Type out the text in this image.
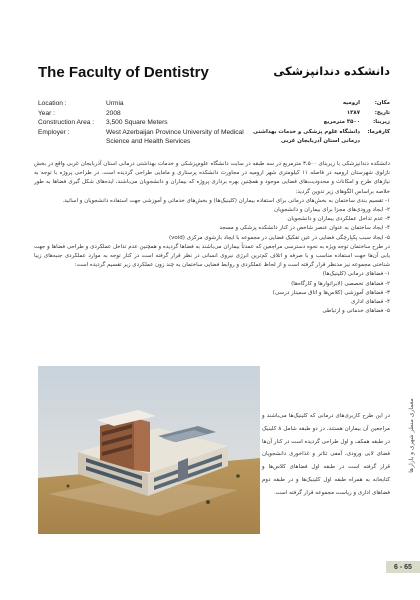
The Faculty of Dentistry	دانشکده دندانپزشکی
Location :	Urmia
Year :	2008
Construction Area :	3,500 Square Meters
Employer :	West Azerbaijan Province University of Medical Science and Health Services
مکان:
ارومیه
تاریخ:
۱۳۸۷
زیربنا:
۳۵۰۰ مترمربع
کارفرما:
دانشگاه علوم پزشکی و خدمات بهداشتی درمانی استان آذربایجان غربی

دانشکده دندانپزشکی با زیربنای ۳،۵۰۰ مترمربع در سه طبقه در سایت دانشگاه علوم‌پزشکی و خدمات بهداشتی درمانی استان آذربایجان غربی واقع در بخش نازلوی شهرستان ارومیه در فاصله ۱۱ کیلومتری شهر ارومیه در مجاورت دانشکده پرستاری و مامایی طراحی گردیده است. در طراحی پروژه با توجه به نیازهای طرح و امکانات و محدودیت‌های فضایی موجود و همچنین بهره برداری پروژه که بیماران و دانشجویان می‌باشند، ایده‌های شکل گیری فضاها به طور خلاصه براساس الگوهای زیر تدوین گردید:

۱- تقسیم بندی ساختمان به بخش‌های درمانی برای استفاده بیماران (کلینیک‌ها) و بخش‌های خدماتی و آموزشی جهت استفاده دانشجویان و اساتید.
۲- ایجاد ورودی‌های مجزا برای بیماران و دانشجویان
۳- عدم تداخل عملکردی بیماران و دانشجویان
۴- ایجاد ساختمان به عنوان عنصر شاخص در کنار دانشکده پزشکی و مسجد
۵- ایجاد سبب پکپارچگی فضایی در عین تفکیک فضایی در مجموعه با ایجاد بازشوی مرکزی (void)

در طرح ساختمان توجه ویژه به نحوه دسترسی مراجعین که عمدتاً بیماران می‌باشند به فضاها گردیده و همچنین عدم تداخل عملکردی و طراحی فضاها و جهت یابی آن‌ها جهت استفاده مناسب و با صرفه و اتلاف کم‌ترین انرژی نیروی انسانی در نظر قرار گرفته است در کنار توجه به موارد عملکردی جنبه‌های زیبا شناختی مجموعه نیز مدنظر قرار گرفته است و از لحاظ عملکردی و روابط فضایی ساختمان به چند زون عملکردی زیر تقسیم گردیده است:

۱- فضاهای درمانی (کلینیک‌ها)
۲- فضاهای تخصصی (لابراتوارها و کارگاه‌ها)
۳- فضاهای آموزشی (کلاس‌ها و اتاق سمینار درسی)
۴- فضاهای اداری
۵- فضاهای خدماتی و ارتباطی
در این طرح کاربری‌های درمانی که کلینیک‌ها می‌باشند و مراجعین آن بیماران هستند، در دو طبقه شامل ۸ کلینیک در طبقه همکف و اول طراحی گردیده است در کنار آن‌ها فضای لابی ورودی، آمفی تئاتر و غذاخوری دانشجویان قرار گرفته است در طبقه اول فضاهای کلاس‌ها و کتابخانه به همراه طبقه اول کلینیک‌ها و در طبقه دوم فضاهای اداری و ریاست مجموعه قرار گرفته است.
معماری منظر شهری و بازارها
6 - 65
